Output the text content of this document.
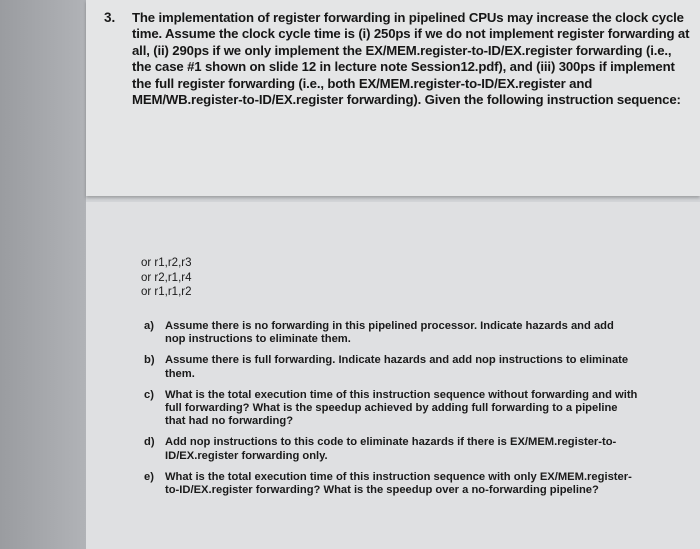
3. The implementation of register forwarding in pipelined CPUs may increase the clock cycle
time. Assume the clock cycle time is (i) 250ps if we do not implement register forwarding at
all, (ii) 290ps if we only implement the EX/MEM.register-to-ID/EX.register forwarding (i.e.,
the case #1 shown on slide 12 in lecture note Session12.pdf), and (iii) 300ps if implement
the full register forwarding (i.e., both EX/MEM.register-to-ID/EX.register and
MEM/WB.register-to-ID/EX.register forwarding). Given the following instruction sequence:
or r1,r2,r3
or r2,r1,r4
or r1,r1,r2
a) Assume there is no forwarding in this pipelined processor. Indicate hazards and add
nop instructions to eliminate them.
b) Assume there is full forwarding. Indicate hazards and add nop instructions to eliminate
them.
c) What is the total execution time of this instruction sequence without forwarding and with
full forwarding? What is the speedup achieved by adding full forwarding to a pipeline
that had no forwarding?
d) Add nop instructions to this code to eliminate hazards if there is EX/MEM.register-to-
ID/EX.register forwarding only.
e) What is the total execution time of this instruction sequence with only EX/MEM.register-
to-ID/EX.register forwarding? What is the speedup over a no-forwarding pipeline?
